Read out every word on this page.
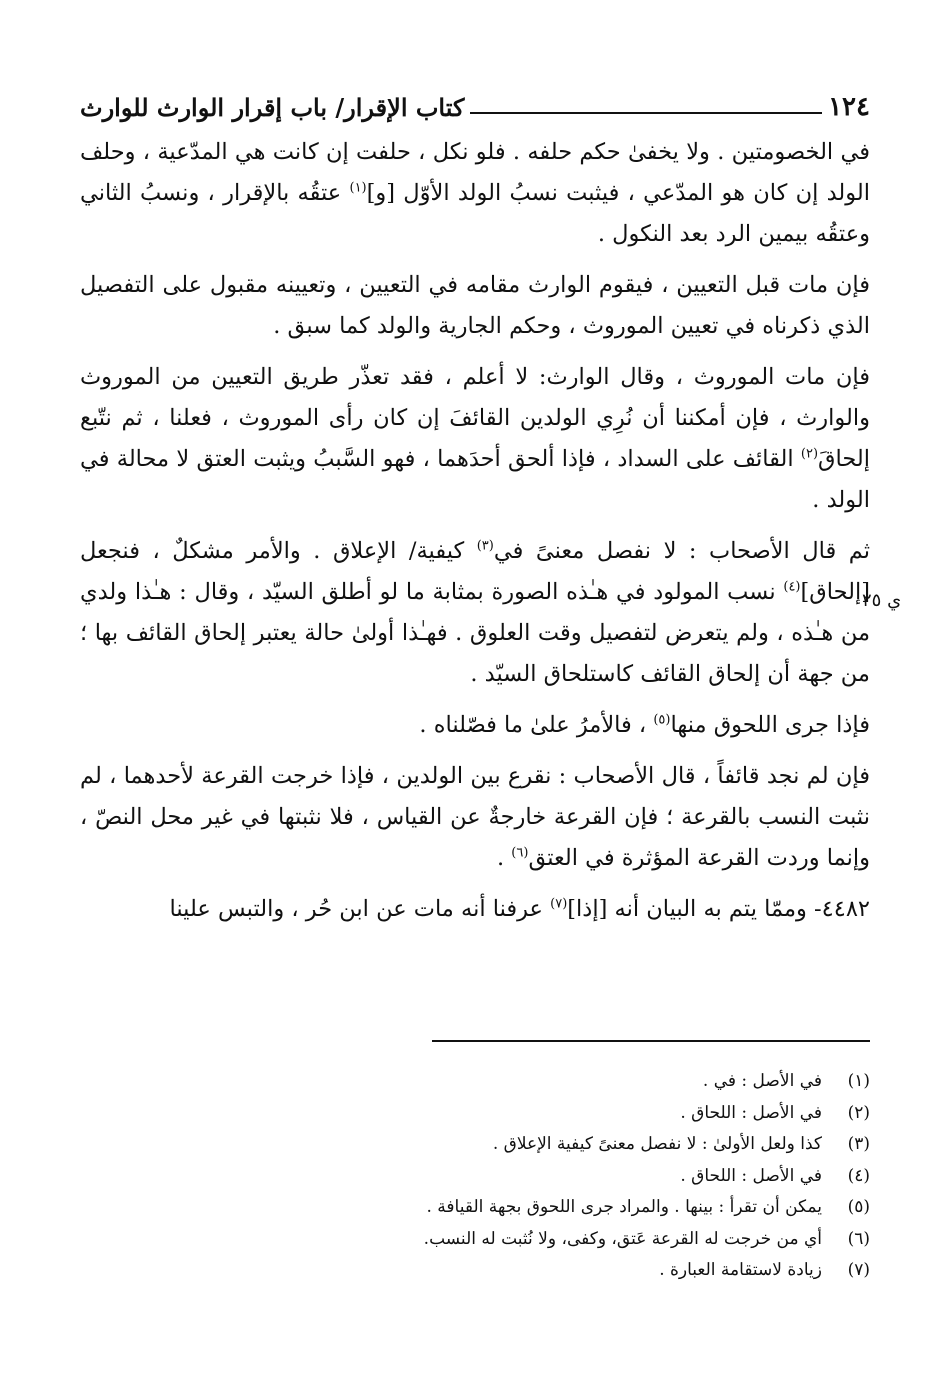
١٢٤
كتاب الإقرار/ باب إقرار الوارث للوارث
ي ٢٥

في الخصومتين . ولا يخفىٰ حكم حلفه . فلو نكل ، حلفت إن كانت هي المدّعية ، وحلف الولد إن كان هو المدّعي ، فيثبت نسبُ الولد الأوّل [و]$^{(١)}$ عتقُه بالإقرار ، ونسبُ الثاني وعتقُه بيمين الرد بعد النكول .

فإن مات قبل التعيين ، فيقوم الوارث مقامه في التعيين ، وتعيينه مقبول على التفصيل الذي ذكرناه في تعيين الموروث ، وحكم الجارية والولد كما سبق .

فإن مات الموروث ، وقال الوارث: لا أعلم ، فقد تعذّر طريق التعيين من الموروث والوارث ، فإن أمكننا أن نُرِي الولدين القائفَ إن كان رأى الموروث ، فعلنا ، ثم نتّبع إلحاقَ$^{(٢)}$ القائف على السداد ، فإذا ألحق أحدَهما ، فهو السَّببُ ويثبت العتق لا محالة في الولد .

ثم قال الأصحاب : لا نفصل معنىً في$^{(٣)}$ كيفية/ الإعلاق . والأمر مشكلٌ ، فنجعل [إلحاق]$^{(٤)}$ نسب المولود في هـٰذه الصورة بمثابة ما لو أطلق السيّد ، وقال : هـٰذا ولدي من هـٰذه ، ولم يتعرض لتفصيل وقت العلوق . فهـٰذا أولىٰ حالة يعتبر إلحاق القائف بها ؛ من جهة أن إلحاق القائف كاستلحاق السيّد .

فإذا جرى اللحوق منها$^{(٥)}$ ، فالأمرُ علىٰ ما فصّلناه .

فإن لم نجد قائفاً ، قال الأصحاب : نقرع بين الولدين ، فإذا خرجت القرعة لأحدهما ، لم نثبت النسب بالقرعة ؛ فإن القرعة خارجةٌ عن القياس ، فلا نثبتها في غير محل النصّ ، وإنما وردت القرعة المؤثرة في العتق$^{(٦)}$ .

٤٤٨٢- وممّا يتم به البيان أنه [إذا]$^{(٧)}$ عرفنا أنه مات عن ابن حُر ، والتبس علينا

(١)
في الأصل : في .

(٢)
في الأصل : اللحاق .

(٣)
كذا ولعل الأولىٰ : لا نفصل معنىً كيفية الإعلاق .

(٤)
في الأصل : اللحاق .

(٥)
يمكن أن تقرأ : بينها . والمراد جرى اللحوق بجهة القيافة .

(٦)
أي من خرجت له القرعة عَتق، وكفى، ولا نُثبت له النسب.

(٧)
زيادة لاستقامة العبارة .
